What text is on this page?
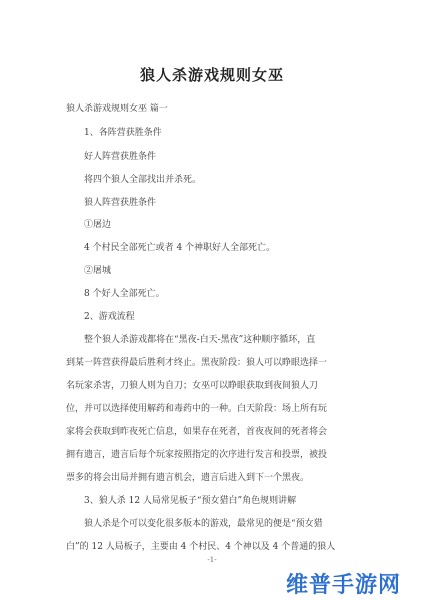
狼人杀游戏规则女巫
狼人杀游戏规则女巫 篇一
1、各阵营获胜条件
好人阵营获胜条件
将四个狼人全部找出并杀死。
狼人阵营获胜条件
①屠边
4 个村民全部死亡或者 4 个神职好人全部死亡。
②屠城
8 个好人全部死亡。
2、游戏流程
整个狼人杀游戏都将在“黑夜-白天-黑夜”这种顺序循环，直
到某一阵营获得最后胜利才终止。黑夜阶段：狼人可以睁眼选择一
名玩家杀害，刀狼人则为自刀；女巫可以睁眼获取到夜间狼人刀
位，并可以选择使用解药和毒药中的一种。白天阶段：场上所有玩
家将会获取到昨夜死亡信息，如果存在死者，首夜夜间的死者将会
拥有遗言，遗言后每个玩家按照指定的次序进行发言和投票，被投
票多的将会出局并拥有遗言机会，遗言后进入到下一个黑夜。
3、狼人杀 12 人局常见板子“预女猎白”角色规则讲解
狼人杀是个可以变化很多版本的游戏，最常见的便是“预女猎
白”的 12 人局板子，主要由 4 个村民、4 个神以及 4 个普通的狼人
-1-
维普手游网
